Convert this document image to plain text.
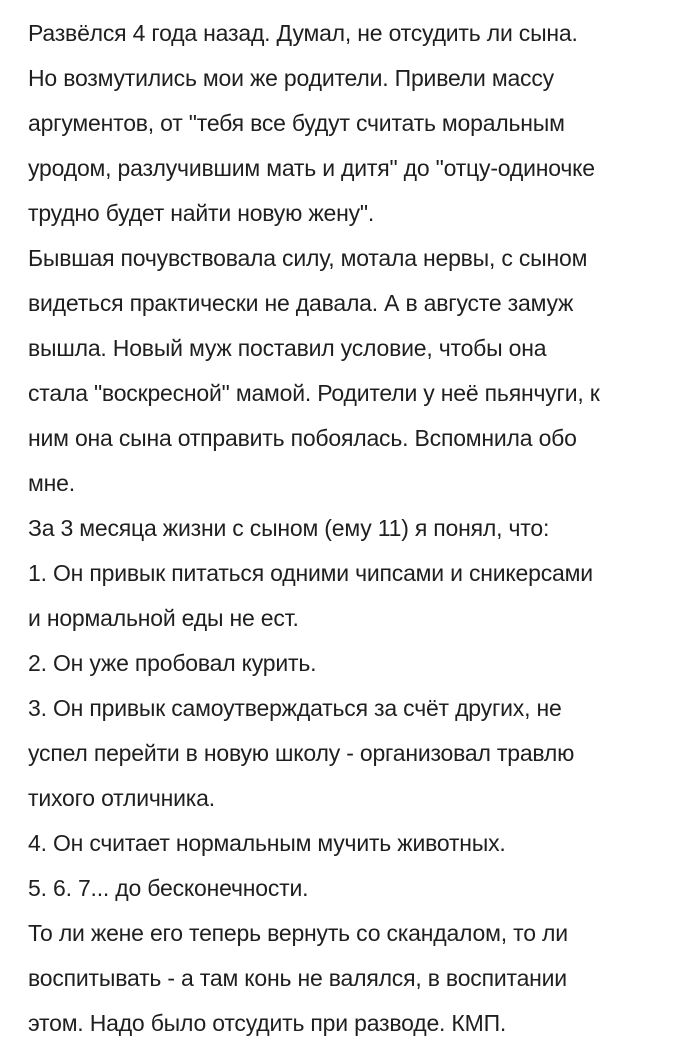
Развёлся 4 года назад. Думал, не отсудить ли сына.
Но возмутились мои же родители. Привели массу
аргументов, от "тебя все будут считать моральным
уродом, разлучившим мать и дитя" до "отцу-одиночке
трудно будет найти новую жену".
Бывшая почувствовала силу, мотала нервы, с сыном
видеться практически не давала. А в августе замуж
вышла. Новый муж поставил условие, чтобы она
стала "воскресной" мамой. Родители у неё пьянчуги, к
ним она сына отправить побоялась. Вспомнила обо
мне.
За 3 месяца жизни с сыном (ему 11) я понял, что:
1. Он привык питаться одними чипсами и сникерсами
и нормальной еды не ест.
2. Он уже пробовал курить.
3. Он привык самоутверждаться за счёт других, не
успел перейти в новую школу - организовал травлю
тихого отличника.
4. Он считает нормальным мучить животных.
5. 6. 7... до бесконечности.
То ли жене его теперь вернуть со скандалом, то ли
воспитывать - а там конь не валялся, в воспитании
этом. Надо было отсудить при разводе. КМП.
